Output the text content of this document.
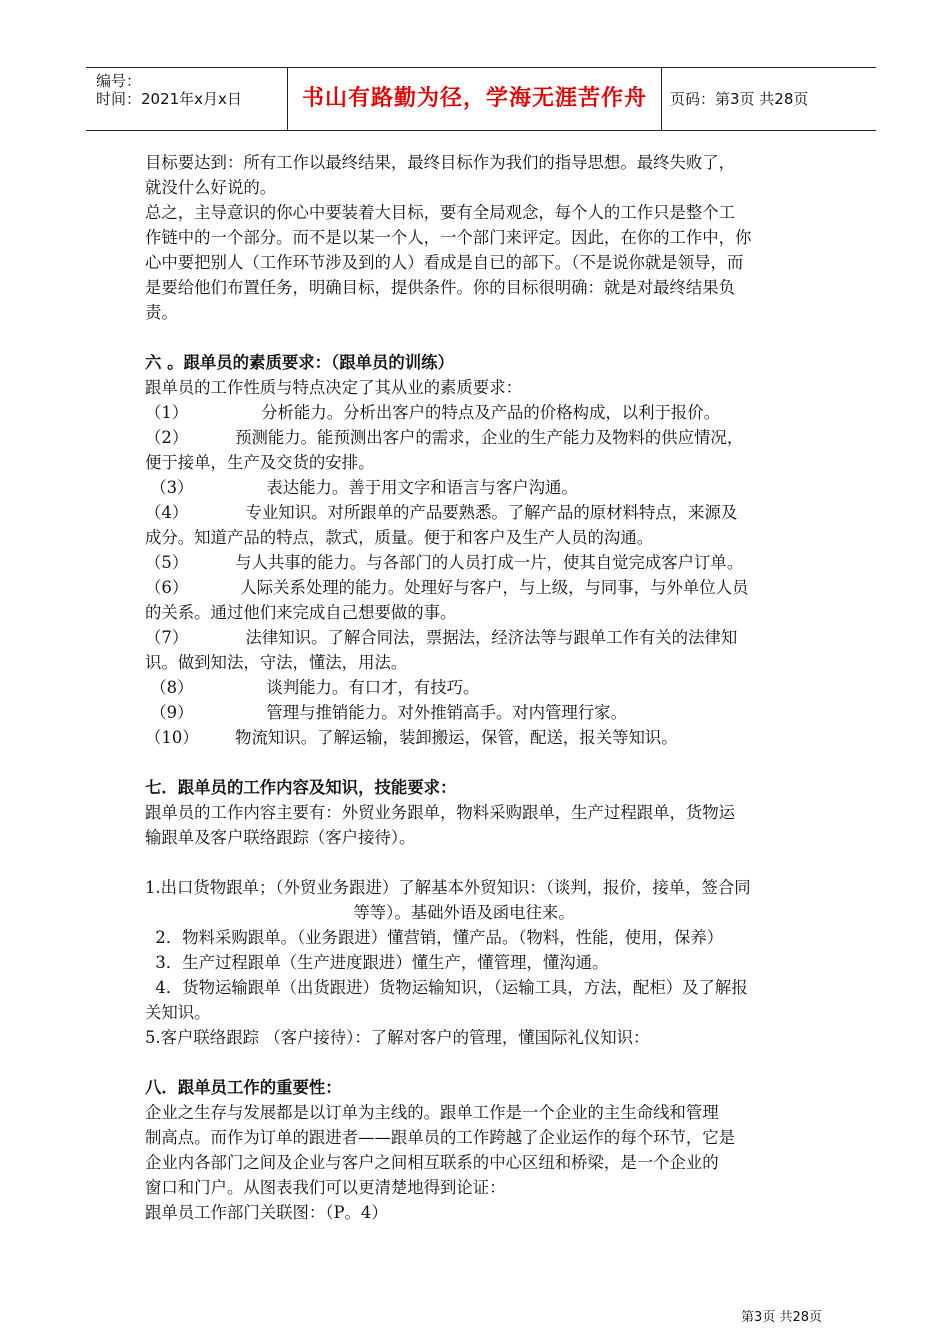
编号：
时间：2021年x月x日	书山有路勤为径，学海无涯苦作舟	页码：第3页 共28页
目标要达到：所有工作以最终结果，最终目标作为我们的指导思想。最终失败了，
就没什么好说的。
总之，主导意识的你心中要装着大目标，要有全局观念，每个人的工作只是整个工
作链中的一个部分。而不是以某一个人，一个部门来评定。因此，在你的工作中，你
心中要把别人（工作环节涉及到的人）看成是自已的部下。（不是说你就是领导，而
是要给他们布置任务，明确目标，提供条件。你的目标很明确：就是对最终结果负
责。
六 。跟单员的素质要求：（跟单员的训练）
跟单员的工作性质与特点决定了其从业的素质要求：
（1）              分析能力。分析出客户的特点及产品的价格构成，以利于报价。
（2）         预测能力。能预测出客户的需求，企业的生产能力及物料的供应情况，
便于接单，生产及交货的安排。
（3）              表达能力。善于用文字和语言与客户沟通。
（4）           专业知识。对所跟单的产品要熟悉。了解产品的原材料特点，来源及
成分。知道产品的特点，款式，质量。便于和客户及生产人员的沟通。
（5）         与人共事的能力。与各部门的人员打成一片，使其自觉完成客户订单。
（6）          人际关系处理的能力。处理好与客户，与上级，与同事，与外单位人员
的关系。通过他们来完成自己想要做的事。
（7）           法律知识。了解合同法，票据法，经济法等与跟单工作有关的法律知
识。做到知法，守法，懂法，用法。
（8）              谈判能力。有口才，有技巧。
（9）              管理与推销能力。对外推销高手。对内管理行家。
（10）       物流知识。了解运输，装卸搬运，保管，配送，报关等知识。
七．跟单员的工作内容及知识，技能要求：
跟单员的工作内容主要有：外贸业务跟单，物料采购跟单，生产过程跟单，货物运
输跟单及客户联络跟踪（客户接待）。
1.出口货物跟单；（外贸业务跟进）了解基本外贸知识：（谈判，报价，接单，签合同
等等）。基础外语及函电往来。
2．物料采购跟单。（业务跟进）懂营销，懂产品。（物料，性能，使用，保养）
3．生产过程跟单（生产进度跟进）懂生产，懂管理，懂沟通。
4．货物运输跟单（出货跟进）货物运输知识，（运输工具，方法，配柜）及了解报
关知识。
5.客户联络跟踪 （客户接待）：了解对客户的管理，懂国际礼仪知识：
八．跟单员工作的重要性：
企业之生存与发展都是以订单为主线的。跟单工作是一个企业的主生命线和管理
制高点。而作为订单的跟进者——跟单员的工作跨越了企业运作的每个环节，它是
企业内各部门之间及企业与客户之间相互联系的中心区纽和桥梁，是一个企业的
窗口和门户。从图表我们可以更清楚地得到论证：
跟单员工作部门关联图：（P。4）
第3页 共28页
